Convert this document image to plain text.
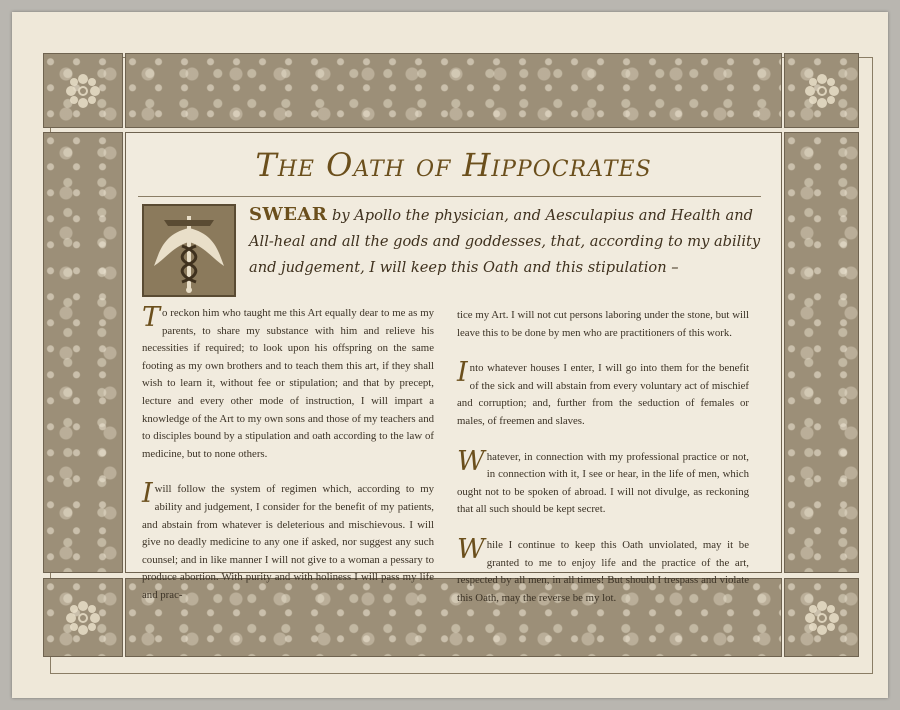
The Oath of Hippocrates

SWEAR by Apollo the physician, and Aesculapius and Health and All-heal and all the gods and goddesses, that, according to my ability and judgement, I will keep this Oath and this stipulation –

To reckon him who taught me this Art equally dear to me as my parents, to share my substance with him and relieve his necessities if required; to look upon his offspring on the same footing as my own brothers and to teach them this art, if they shall wish to learn it, without fee or stipulation; and that by precept, lecture and every other mode of instruction, I will impart a knowledge of the Art to my own sons and those of my teachers and to disciples bound by a stipulation and oath according to the law of medicine, but to none others.

I will follow the system of regimen which, according to my ability and judgement, I consider for the benefit of my patients, and abstain from whatever is deleterious and mischievous. I will give no deadly medicine to any one if asked, nor suggest any such counsel; and in like manner I will not give to a woman a pessary to produce abortion. With purity and with holiness I will pass my life and prac-

tice my Art. I will not cut persons laboring under the stone, but will leave this to be done by men who are practitioners of this work.

Into whatever houses I enter, I will go into them for the benefit of the sick and will abstain from every voluntary act of mischief and corruption; and, further from the seduction of females or males, of freemen and slaves.

Whatever, in connection with my professional practice or not, in connection with it, I see or hear, in the life of men, which ought not to be spoken of abroad. I will not divulge, as reckoning that all such should be kept secret.

While I continue to keep this Oath unviolated, may it be granted to me to enjoy life and the practice of the art, respected by all men, in all times! But should I trespass and violate this Oath, may the reverse be my lot.
